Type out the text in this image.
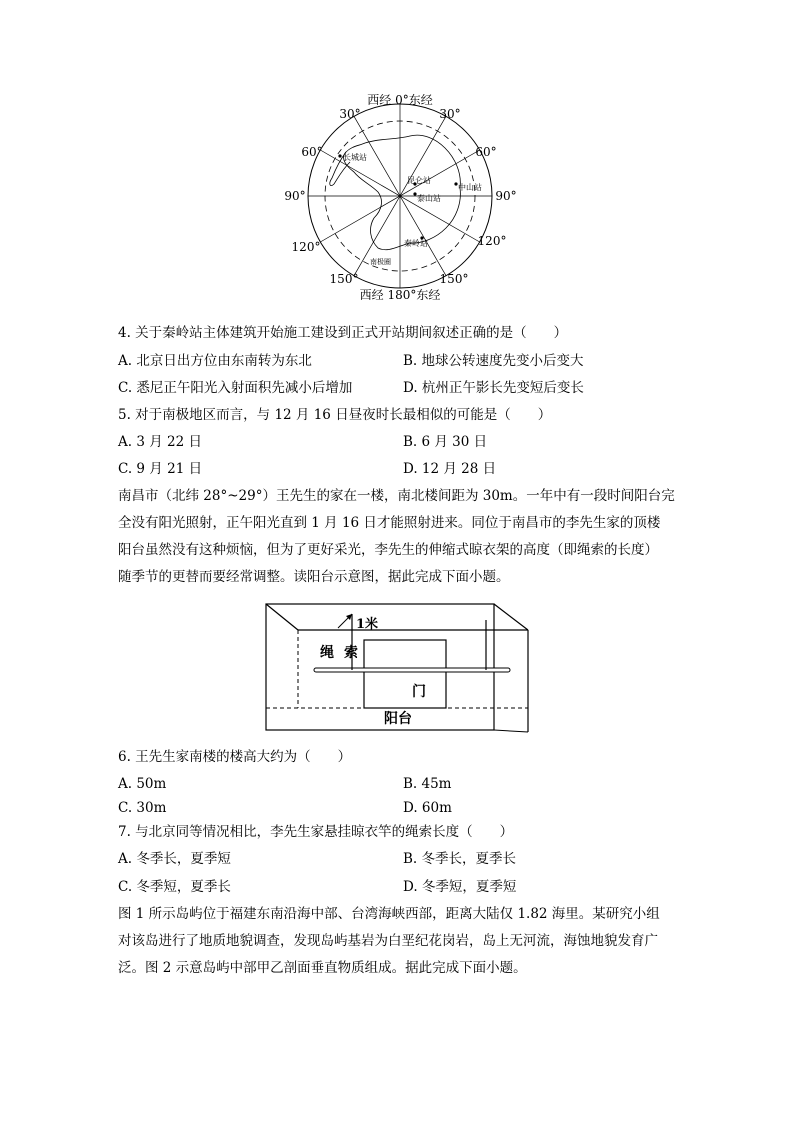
西经 0°东经
西经 180°东经
30°	30°
60°	60°
90°	90°
120°	120°
150°	150°
长城站
昆仑站
中山站
泰山站
秦岭站
南极圈
4. 关于秦岭站主体建筑开始施工建设到正式开站期间叙述正确的是（　　）
A. 北京日出方位由东南转为东北	B. 地球公转速度先变小后变大
C. 悉尼正午阳光入射面积先减小后增加	D. 杭州正午影长先变短后变长
5. 对于南极地区而言，与 12 月 16 日昼夜时长最相似的可能是（　　）
A. 3 月 22 日	B. 6 月 30 日
C. 9 月 21 日	D. 12 月 28 日
南昌市（北纬 28°~29°）王先生的家在一楼，南北楼间距为 30m。一年中有一段时间阳台完
全没有阳光照射，正午阳光直到 1 月 16 日才能照射进来。同位于南昌市的李先生家的顶楼
阳台虽然没有这种烦恼，但为了更好采光，李先生的伸缩式晾衣架的高度（即绳索的长度）
随季节的更替而要经常调整。读阳台示意图，据此完成下面小题。
1米
绳 索
门
阳台
6. 王先生家南楼的楼高大约为（　　）
A. 50m	B. 45m
C. 30m	D. 60m
7. 与北京同等情况相比，李先生家悬挂晾衣竿的绳索长度（　　）
A. 冬季长，夏季短	B. 冬季长，夏季长
C. 冬季短，夏季长	D. 冬季短，夏季短
图 1 所示岛屿位于福建东南沿海中部、台湾海峡西部，距离大陆仅 1.82 海里。某研究小组
对该岛进行了地质地貌调查，发现岛屿基岩为白垩纪花岗岩，岛上无河流，海蚀地貌发育广
泛。图 2 示意岛屿中部甲乙剖面垂直物质组成。据此完成下面小题。
